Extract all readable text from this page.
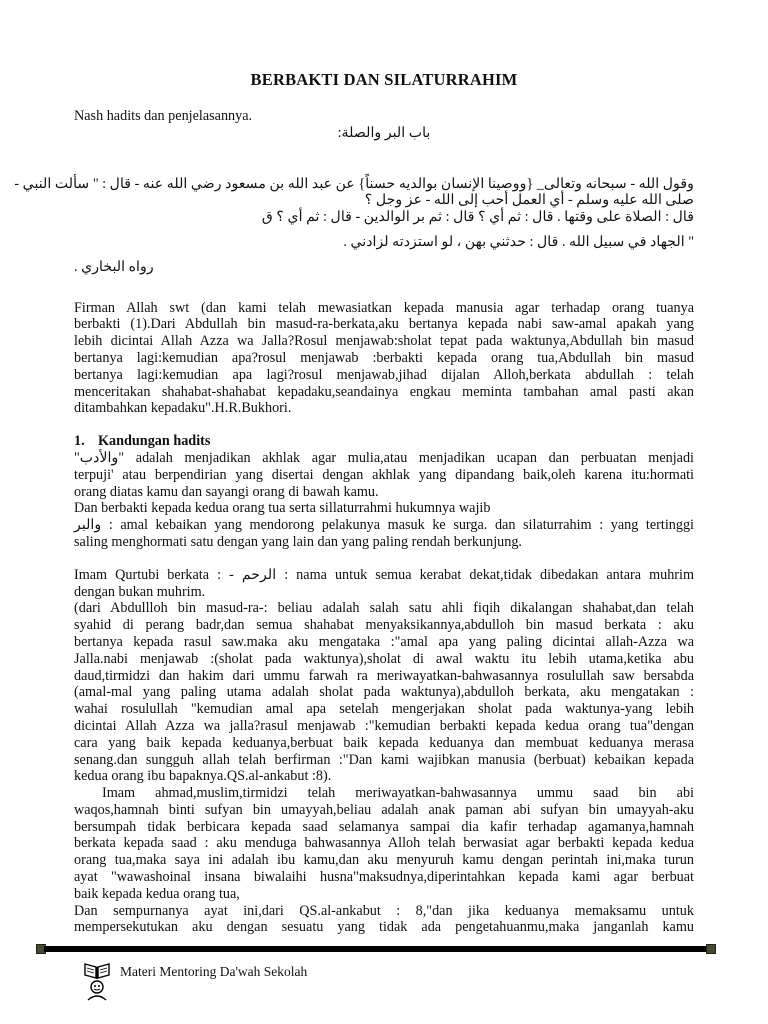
BERBAKTI DAN SILATURRAHIM
Nash hadits dan penjelasannya.
باب البر والصلة:
وقول الله - سبحانه وتعالى_ {ووصينا الإنسان بوالديه حسناً} عن عبد الله بن مسعود رضي الله عنه - قال : " سألت النبي -
صلى الله عليه وسلم - أي العمل أحب إلى الله - عز وجل ؟
قال : الصلاة على وقتها . قال : ثم أي ؟ قال : ثم بر الوالدين - قال : ثم أي ؟ ق
" الجهاد في سبيل الله . قال : حدثني بهن ، لو استزدته لزادني .
رواه البخاري .
Firman Allah swt (dan kami telah mewasiatkan kepada manusia agar terhadap orang tuanya
berbakti (1).Dari Abdullah bin masud-ra-berkata,aku bertanya kepada nabi saw-amal apakah yang
lebih dicintai Allah Azza wa Jalla?Rosul menjawab:sholat tepat pada waktunya,Abdullah bin masud
bertanya lagi:kemudian apa?rosul menjawab :berbakti kepada orang tua,Abdullah bin masud
bertanya lagi:kemudian apa lagi?rosul menjawab,jihad dijalan Alloh,berkata abdullah : telah
menceritakan shahabat-shahabat kepadaku,seandainya engkau meminta tambahan amal pasti akan
ditambahkan kepadaku".H.R.Bukhori.
1. Kandungan hadits
"والأدب" adalah menjadikan akhlak agar mulia,atau menjadikan ucapan dan perbuatan menjadi
terpuji' atau berpendirian yang disertai dengan akhlak yang dipandang baik,oleh karena itu:hormati
orang diatas kamu dan sayangi orang di bawah kamu.
Dan berbakti kepada kedua orang tua serta sillaturrahmi hukumnya wajib
والبر : amal kebaikan yang mendorong pelakunya masuk ke surga. dan silaturrahim : yang tertinggi
saling menghormati satu dengan yang lain dan yang paling rendah berkunjung.
Imam Qurtubi berkata : - الرحم : nama untuk semua kerabat dekat,tidak dibedakan antara muhrim
dengan bukan muhrim.
(dari Abdullloh bin masud-ra-: beliau adalah salah satu ahli fiqih dikalangan shahabat,dan telah
syahid di perang badr,dan semua shahabat menyaksikannya,abdulloh bin masud berkata : aku
bertanya kepada rasul saw.maka aku mengataka :"amal apa yang paling dicintai allah-Azza wa
Jalla.nabi menjawab :(sholat pada waktunya),sholat di awal waktu itu lebih utama,ketika abu
daud,tirmidzi dan hakim dari ummu farwah ra meriwayatkan-bahwasannya rosulullah saw bersabda
(amal-mal yang paling utama adalah sholat pada waktunya),abdulloh berkata, aku mengatakan :
wahai rosulullah "kemudian amal apa setelah mengerjakan sholat pada waktunya-yang lebih
dicintai Allah Azza wa jalla?rasul menjawab :"kemudian berbakti kepada kedua orang tua"dengan
cara yang baik kepada keduanya,berbuat baik kepada keduanya dan membuat keduanya merasa
senang.dan sungguh allah telah berfirman :"Dan kami wajibkan manusia (berbuat) kebaikan kepada
kedua orang ibu bapaknya.QS.al-ankabut :8).
Imam ahmad,muslim,tirmidzi telah meriwayatkan-bahwasannya ummu saad bin abi
waqos,hamnah binti sufyan bin umayyah,beliau adalah anak paman abi sufyan bin umayyah-aku
bersumpah tidak berbicara kepada saad selamanya sampai dia kafir terhadap agamanya,hamnah
berkata kepada saad : aku menduga bahwasannya Alloh telah berwasiat agar berbakti kepada kedua
orang tua,maka saya ini adalah ibu kamu,dan aku menyuruh kamu dengan perintah ini,maka turun
ayat "wawashoinal insana biwalaihi husna"maksudnya,diperintahkan kepada kami agar berbuat
baik kepada kedua orang tua,
Dan sempurnanya ayat ini,dari QS.al-ankabut : 8,"dan jika keduanya memaksamu untuk
mempersekutukan aku dengan sesuatu yang tidak ada pengetahuanmu,maka janganlah kamu
Materi Mentoring Da'wah Sekolah
